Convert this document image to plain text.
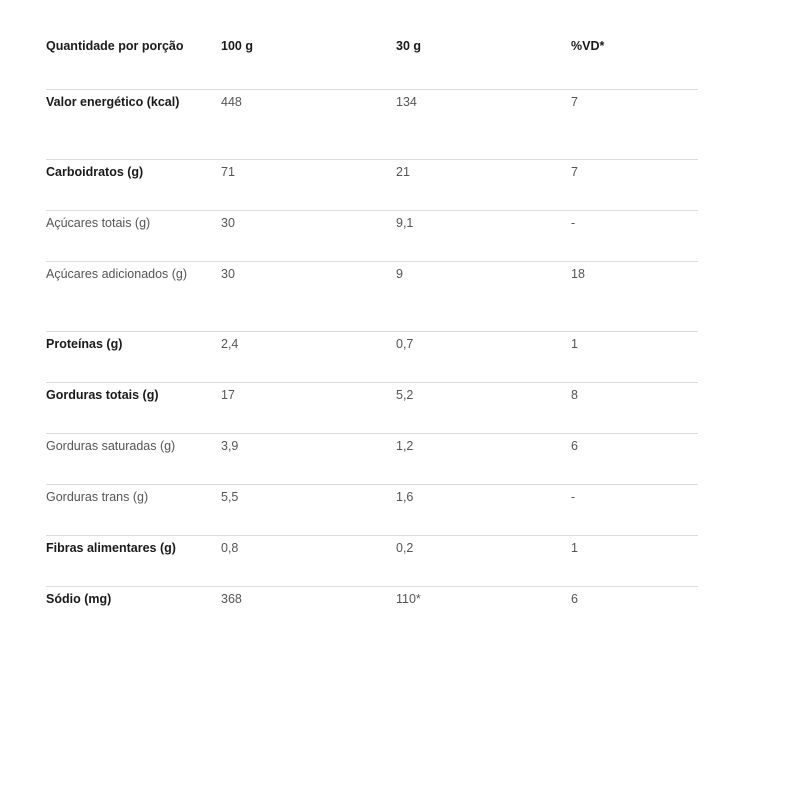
Quantidade por porção	100 g	30 g	%VD*
Valor energético (kcal)	448	134	7
Carboidratos (g)	71	21	7
Açúcares totais (g)	30	9,1	-
Açúcares adicionados (g)	30	9	18
Proteínas (g)	2,4	0,7	1
Gorduras totais (g)	17	5,2	8
Gorduras saturadas (g)	3,9	1,2	6
Gorduras trans (g)	5,5	1,6	-
Fibras alimentares (g)	0,8	0,2	1
Sódio (mg)	368	110*	6
